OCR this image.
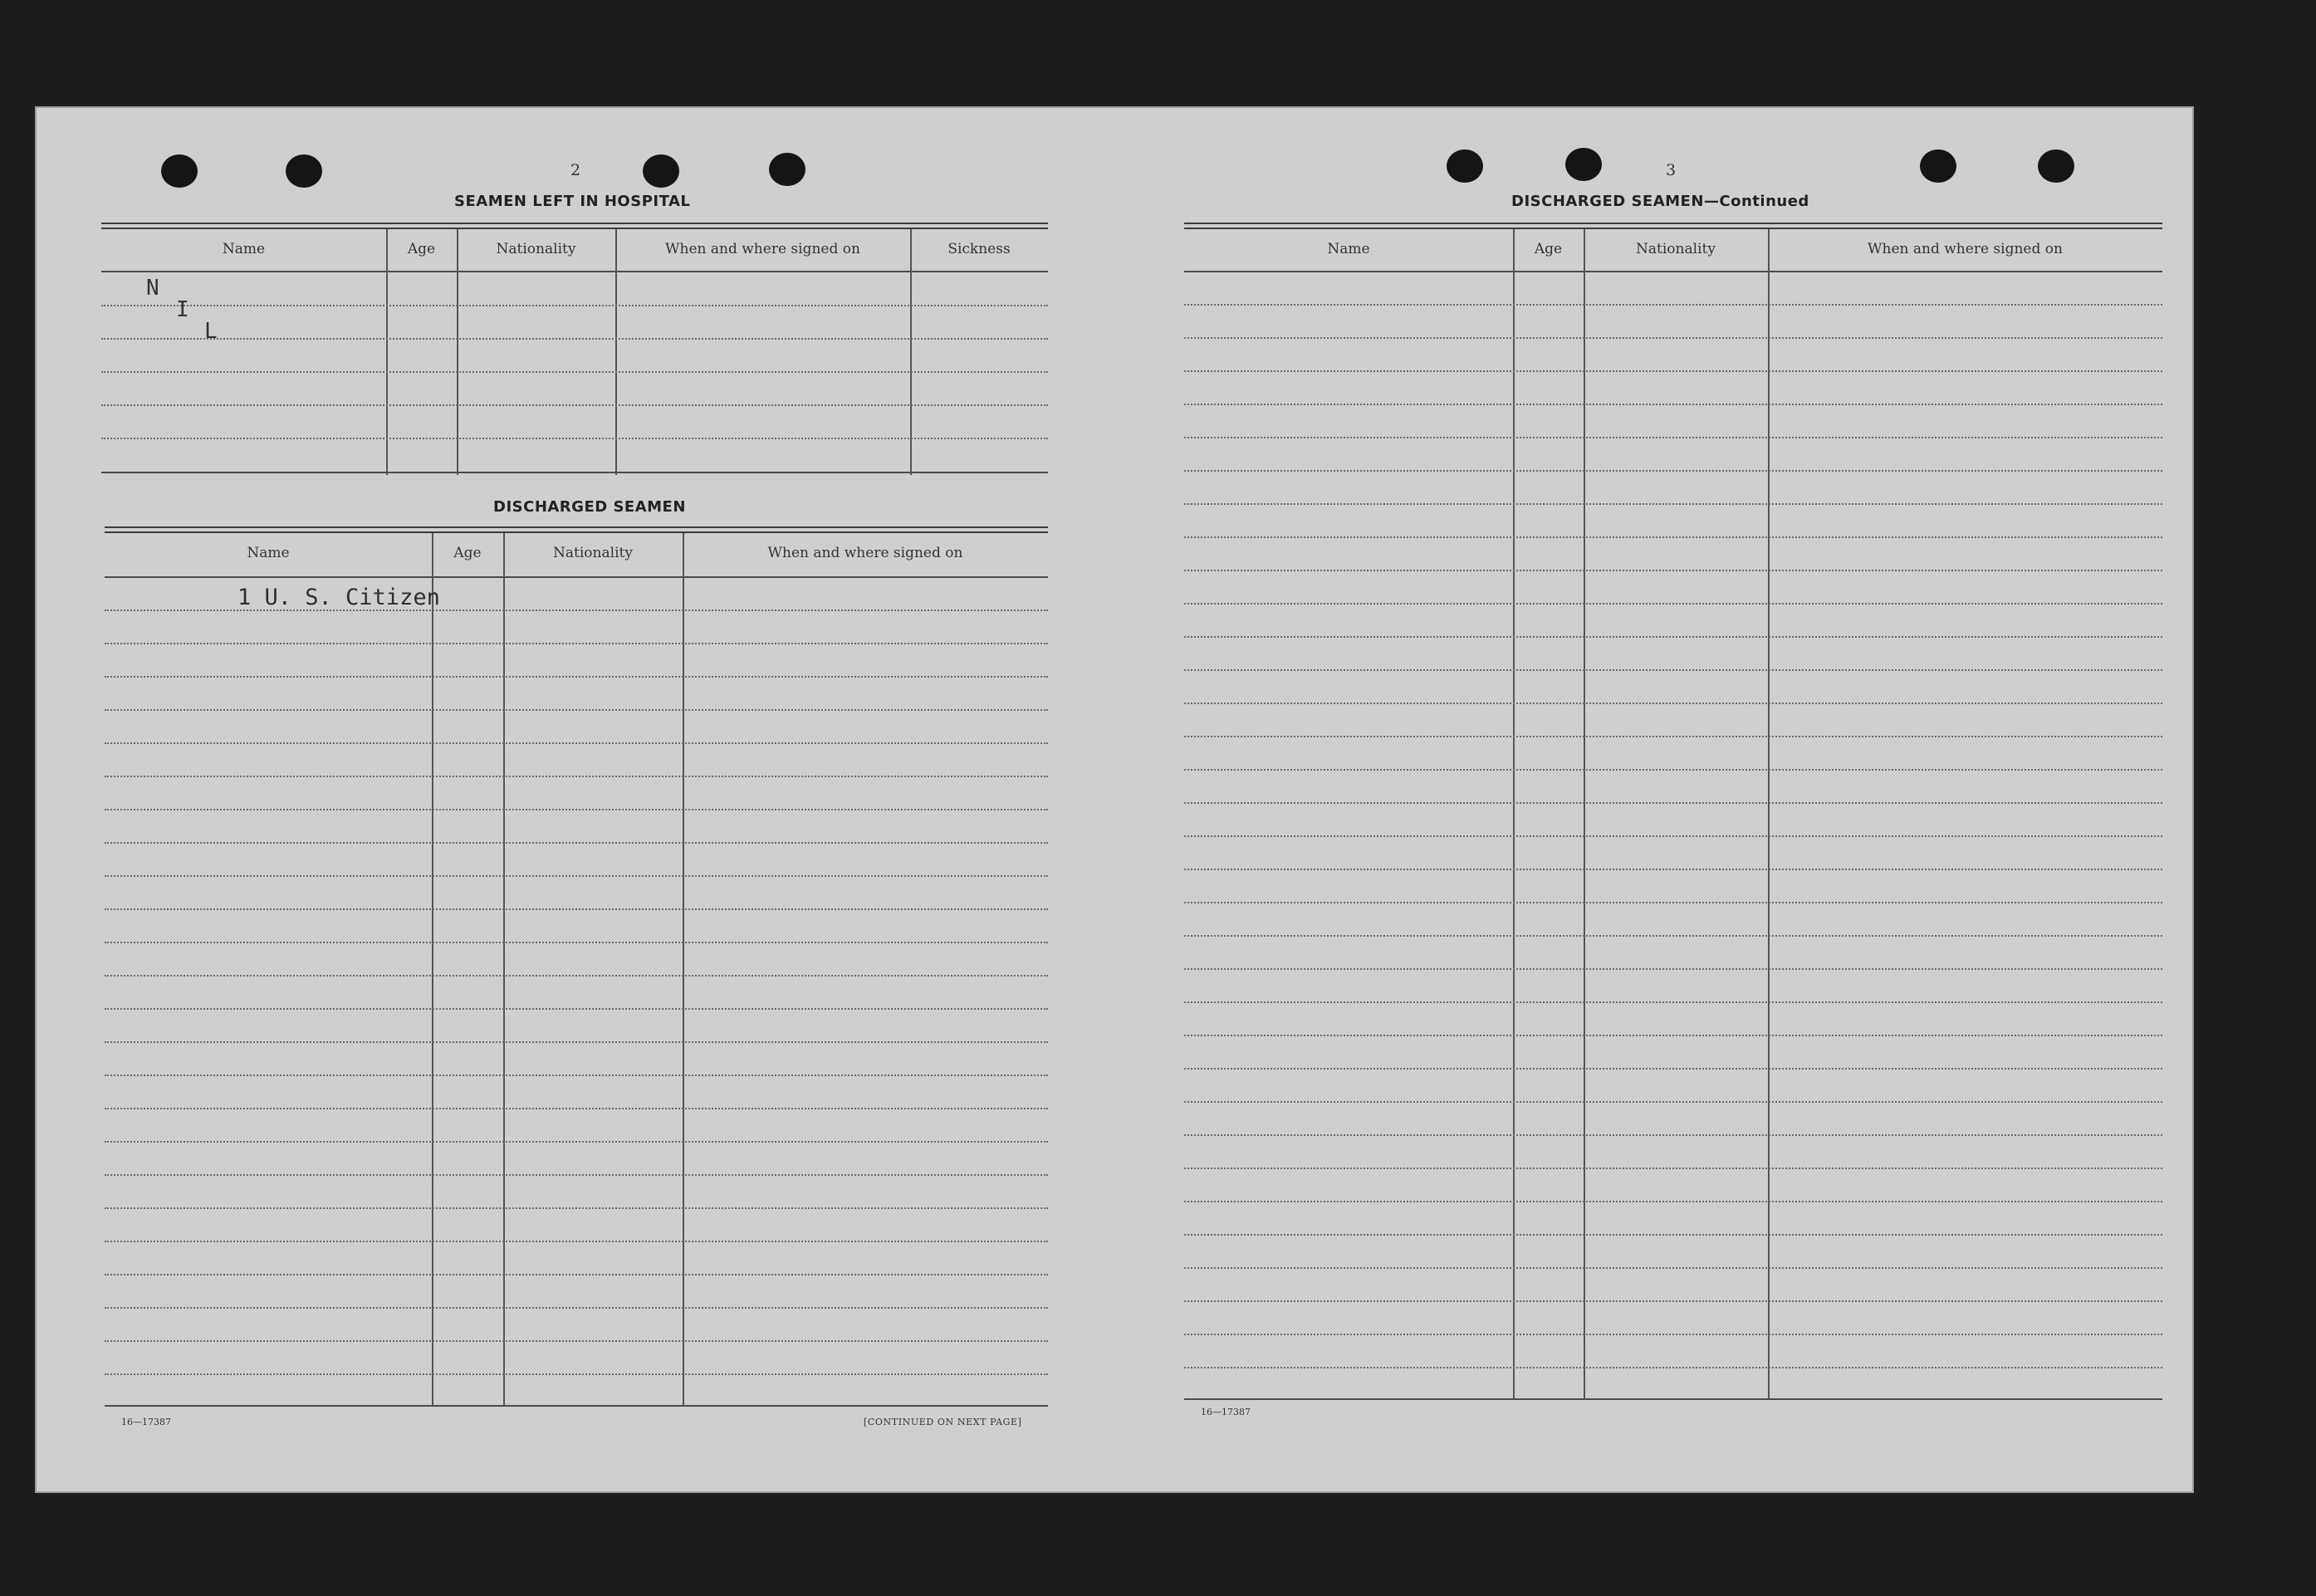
2
SEAMEN LEFT IN HOSPITAL
Name	Age	Nationality	When and where signed on	Sickness
N
I
L
DISCHARGED SEAMEN
Name	Age	Nationality	When and where signed on
1 U. S. Citizen
16—17387	[CONTINUED ON NEXT PAGE]
3
DISCHARGED SEAMEN—Continued
Name	Age	Nationality	When and where signed on
16—17387
